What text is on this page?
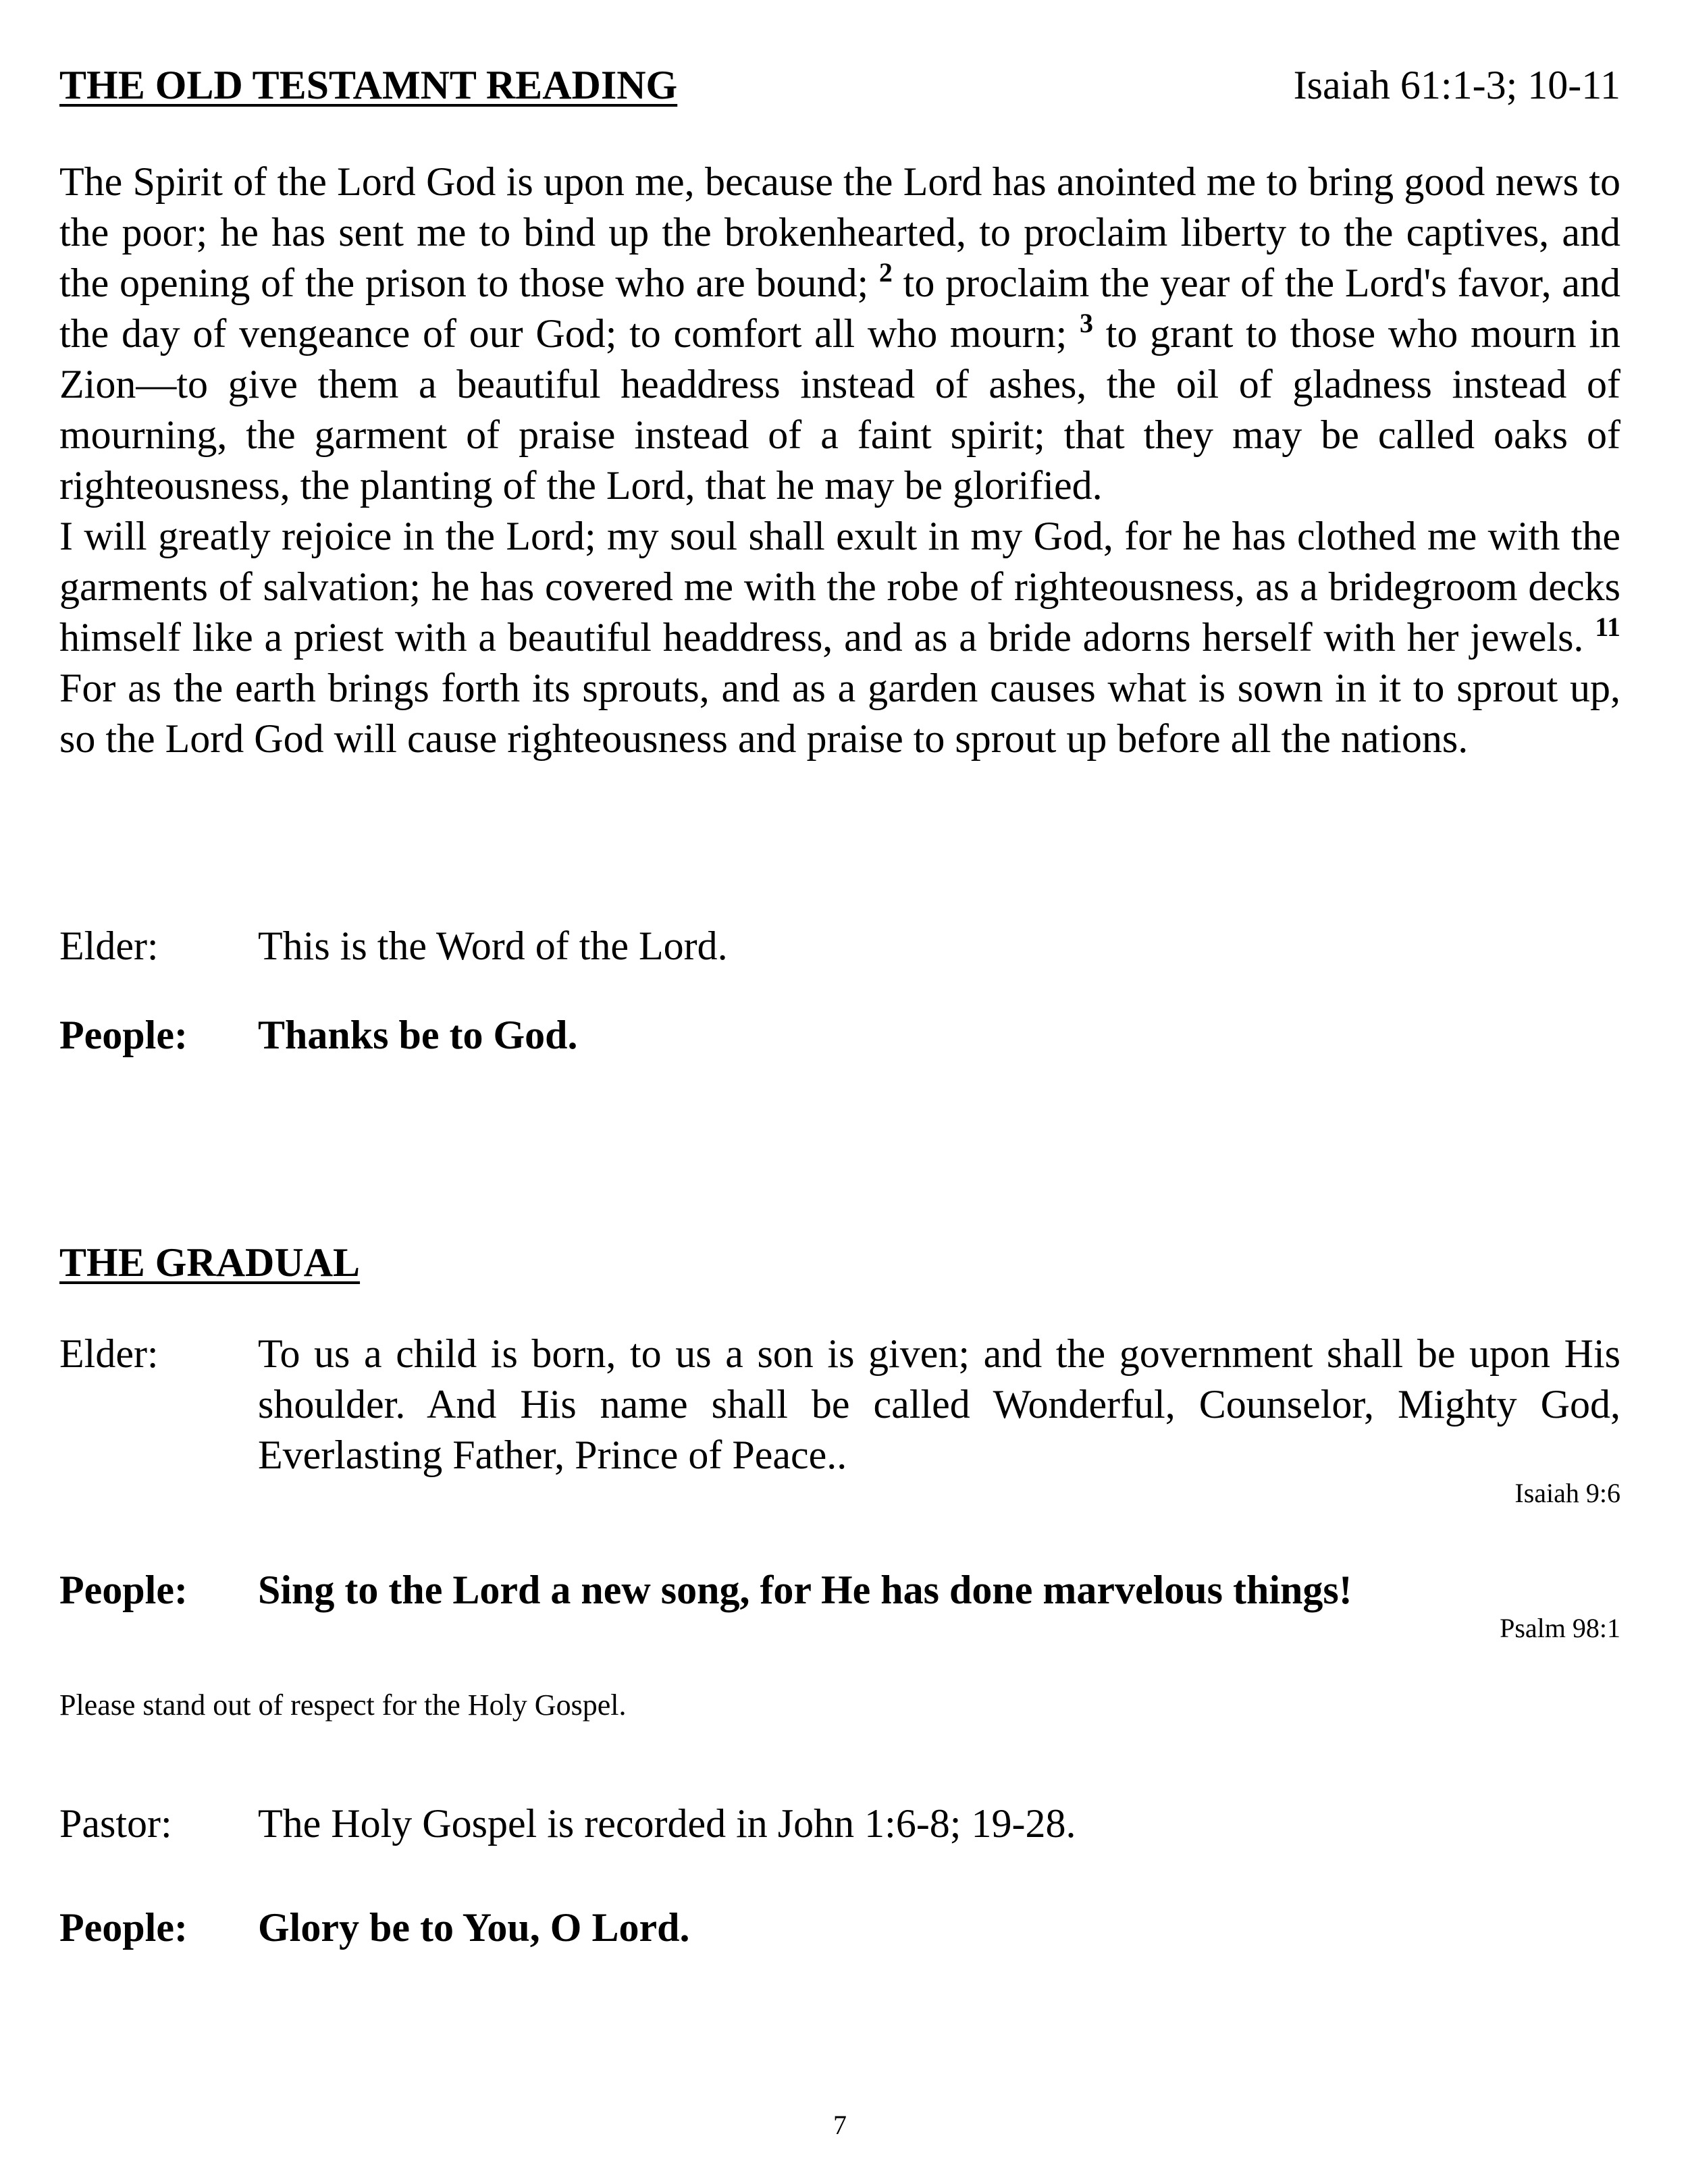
THE OLD TESTAMNT READING	Isaiah 61:1-3; 10-11

The Spirit of the Lord God is upon me, because the Lord has anointed me to bring good news to the poor; he has sent me to bind up the brokenhearted, to proclaim liberty to the captives, and the opening of the prison to those who are bound; $^2$ to proclaim the year of the Lord's favor, and the day of vengeance of our God; to comfort all who mourn; $^3$ to grant to those who mourn in Zion—to give them a beautiful headdress instead of ashes, the oil of gladness instead of mourning, the garment of praise instead of a faint spirit; that they may be called oaks of righteousness, the planting of the Lord, that he may be glorified.

I will greatly rejoice in the Lord; my soul shall exult in my God, for he has clothed me with the garments of salvation; he has covered me with the robe of righteousness, as a bridegroom decks himself like a priest with a beautiful headdress, and as a bride adorns herself with her jewels. $^{11}$ For as the earth brings forth its sprouts, and as a garden causes what is sown in it to sprout up, so the Lord God will cause righteousness and praise to sprout up before all the nations.

Elder: This is the Word of the Lord.
People: Thanks be to God.
THE GRADUAL
Elder: To us a child is born, to us a son is given; and the government shall be upon His shoulder. And His name shall be called Wonderful, Counselor, Mighty God, Everlasting Father, Prince of Peace..
Isaiah 9:6
People: Sing to the Lord a new song, for He has done marvelous things!
Psalm 98:1
Please stand out of respect for the Holy Gospel.
Pastor: The Holy Gospel is recorded in John 1:6-8; 19-28.
People: Glory be to You, O Lord.
7
